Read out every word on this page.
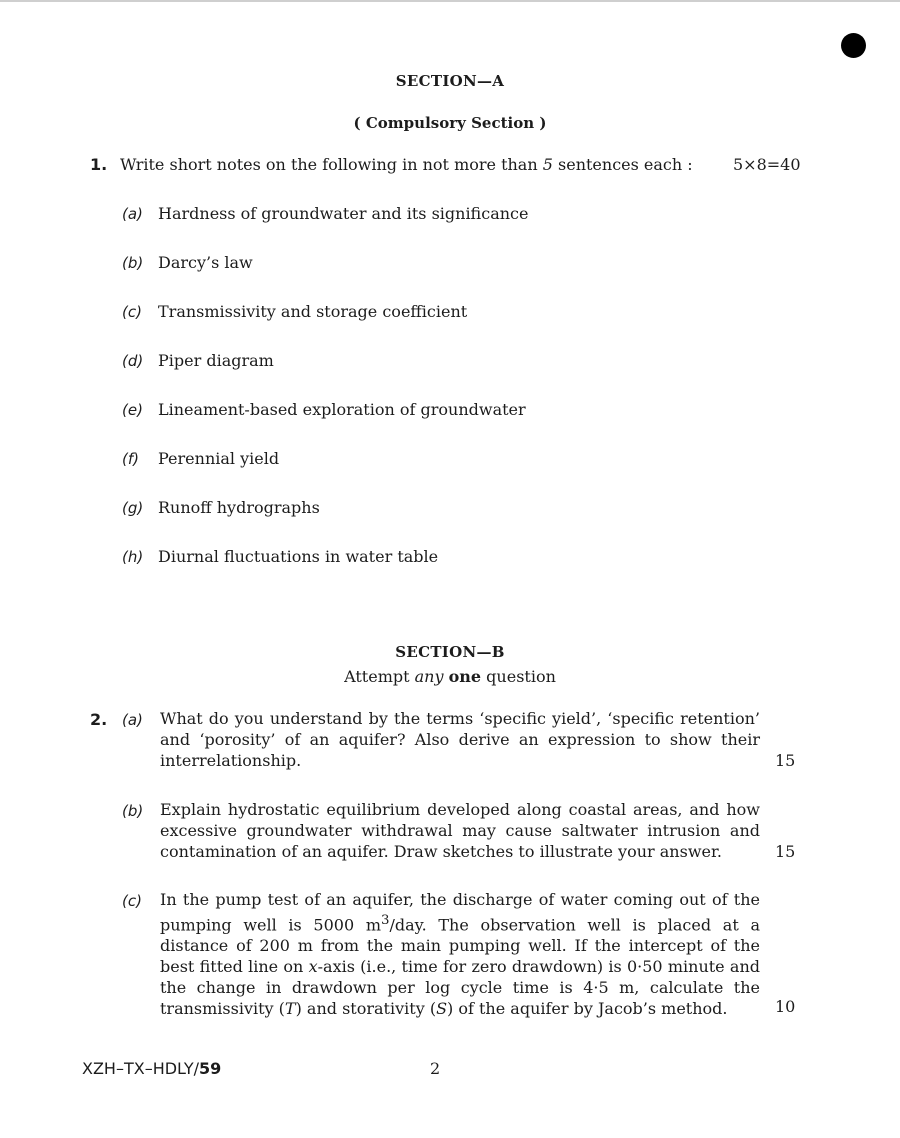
SECTION—A
( Compulsory Section )
1. Write short notes on the following in not more than 5 sentences each :	5×8=40
(a) Hardness of groundwater and its significance
(b) Darcy’s law
(c) Transmissivity and storage coefficient
(d) Piper diagram
(e) Lineament-based exploration of groundwater
(f) Perennial yield
(g) Runoff hydrographs
(h) Diurnal fluctuations in water table
SECTION—B
Attempt any one question
2. (a) What do you understand by the terms ‘specific yield’, ‘specific retention’ and ‘porosity’ of an aquifer? Also derive an expression to show their interrelationship.	15
(b) Explain hydrostatic equilibrium developed along coastal areas, and how excessive groundwater withdrawal may cause saltwater intrusion and contamination of an aquifer. Draw sketches to illustrate your answer.	15
(c) In the pump test of an aquifer, the discharge of water coming out of the pumping well is 5000 $m^3$/day. The observation well is placed at a distance of 200 m from the main pumping well. If the intercept of the best fitted line on x-axis (i.e., time for zero drawdown) is 0·50 minute and the change in drawdown per log cycle time is 4·5 m, calculate the transmissivity (T) and storativity (S) of the aquifer by Jacob’s method.	10
XZH–TX–HDLY/59	2
